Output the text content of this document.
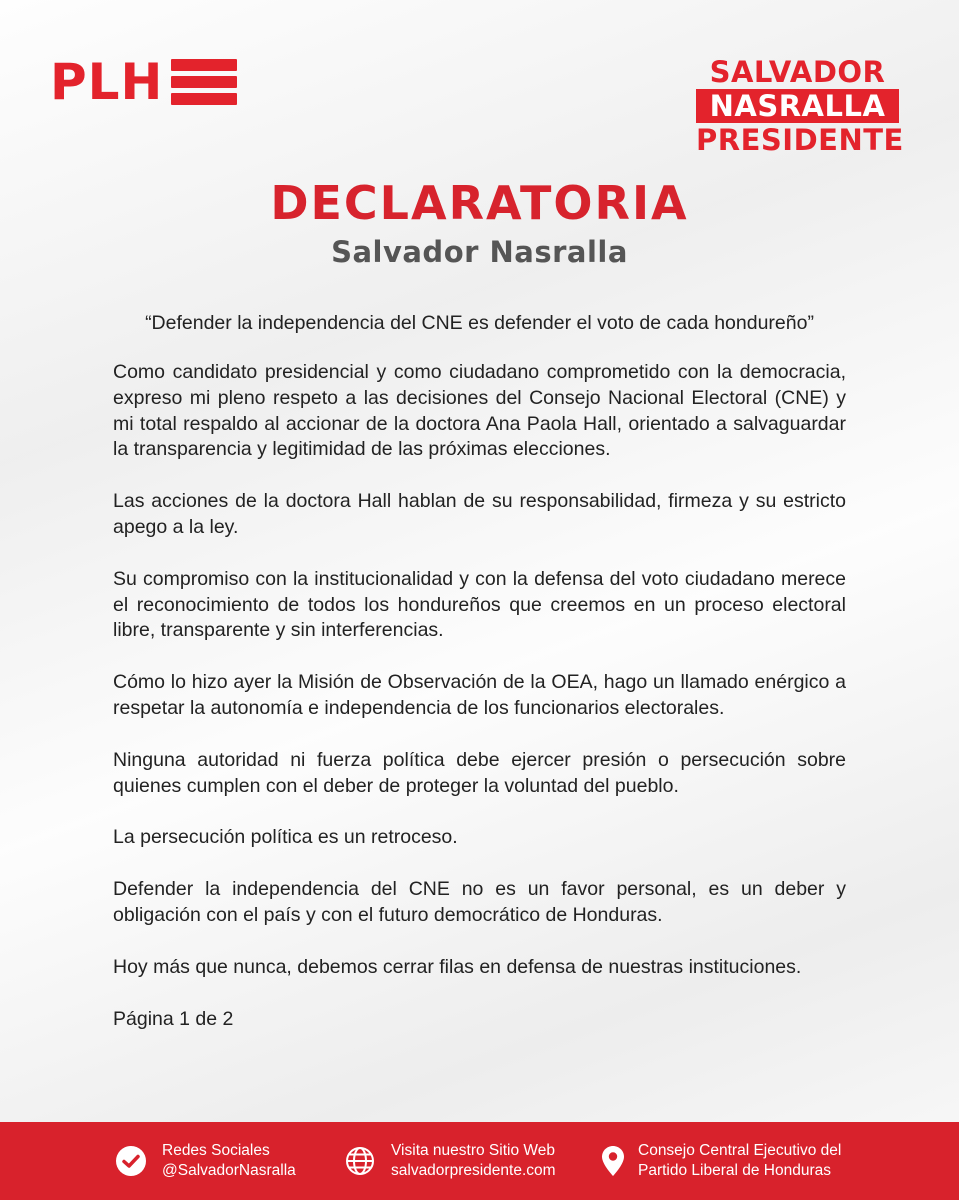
PLH	SALVADOR
NASRALLA
PRESIDENTE
DECLARATORIA
Salvador Nasralla
“Defender la independencia del CNE es defender el voto de cada hondureño”

Como candidato presidencial y como ciudadano comprometido con la democracia, expreso mi pleno respeto a las decisiones del Consejo Nacional Electoral (CNE) y mi total respaldo al accionar de la doctora Ana Paola Hall, orientado a salvaguardar la transparencia y legitimidad de las próximas elecciones.

Las acciones de la doctora Hall hablan de su responsabilidad, firmeza y su estricto apego a la ley.

Su compromiso con la institucionalidad y con la defensa del voto ciudadano merece el reconocimiento de todos los hondureños que creemos en un proceso electoral libre, transparente y sin interferencias.

Cómo lo hizo ayer la Misión de Observación de la OEA, hago un llamado enérgico a respetar la autonomía e independencia de los funcionarios electorales.

Ninguna autoridad ni fuerza política debe ejercer presión o persecución sobre quienes cumplen con el deber de proteger la voluntad del pueblo.

La persecución política es un retroceso.

Defender la independencia del CNE no es un favor personal, es un deber y obligación con el país y con el futuro democrático de Honduras.

Hoy más que nunca, debemos cerrar filas en defensa de nuestras instituciones.

Página 1 de 2

Redes Sociales
@SalvadorNasralla
Visita nuestro Sitio Web
salvadorpresidente.com
Consejo Central Ejecutivo del
Partido Liberal de Honduras
